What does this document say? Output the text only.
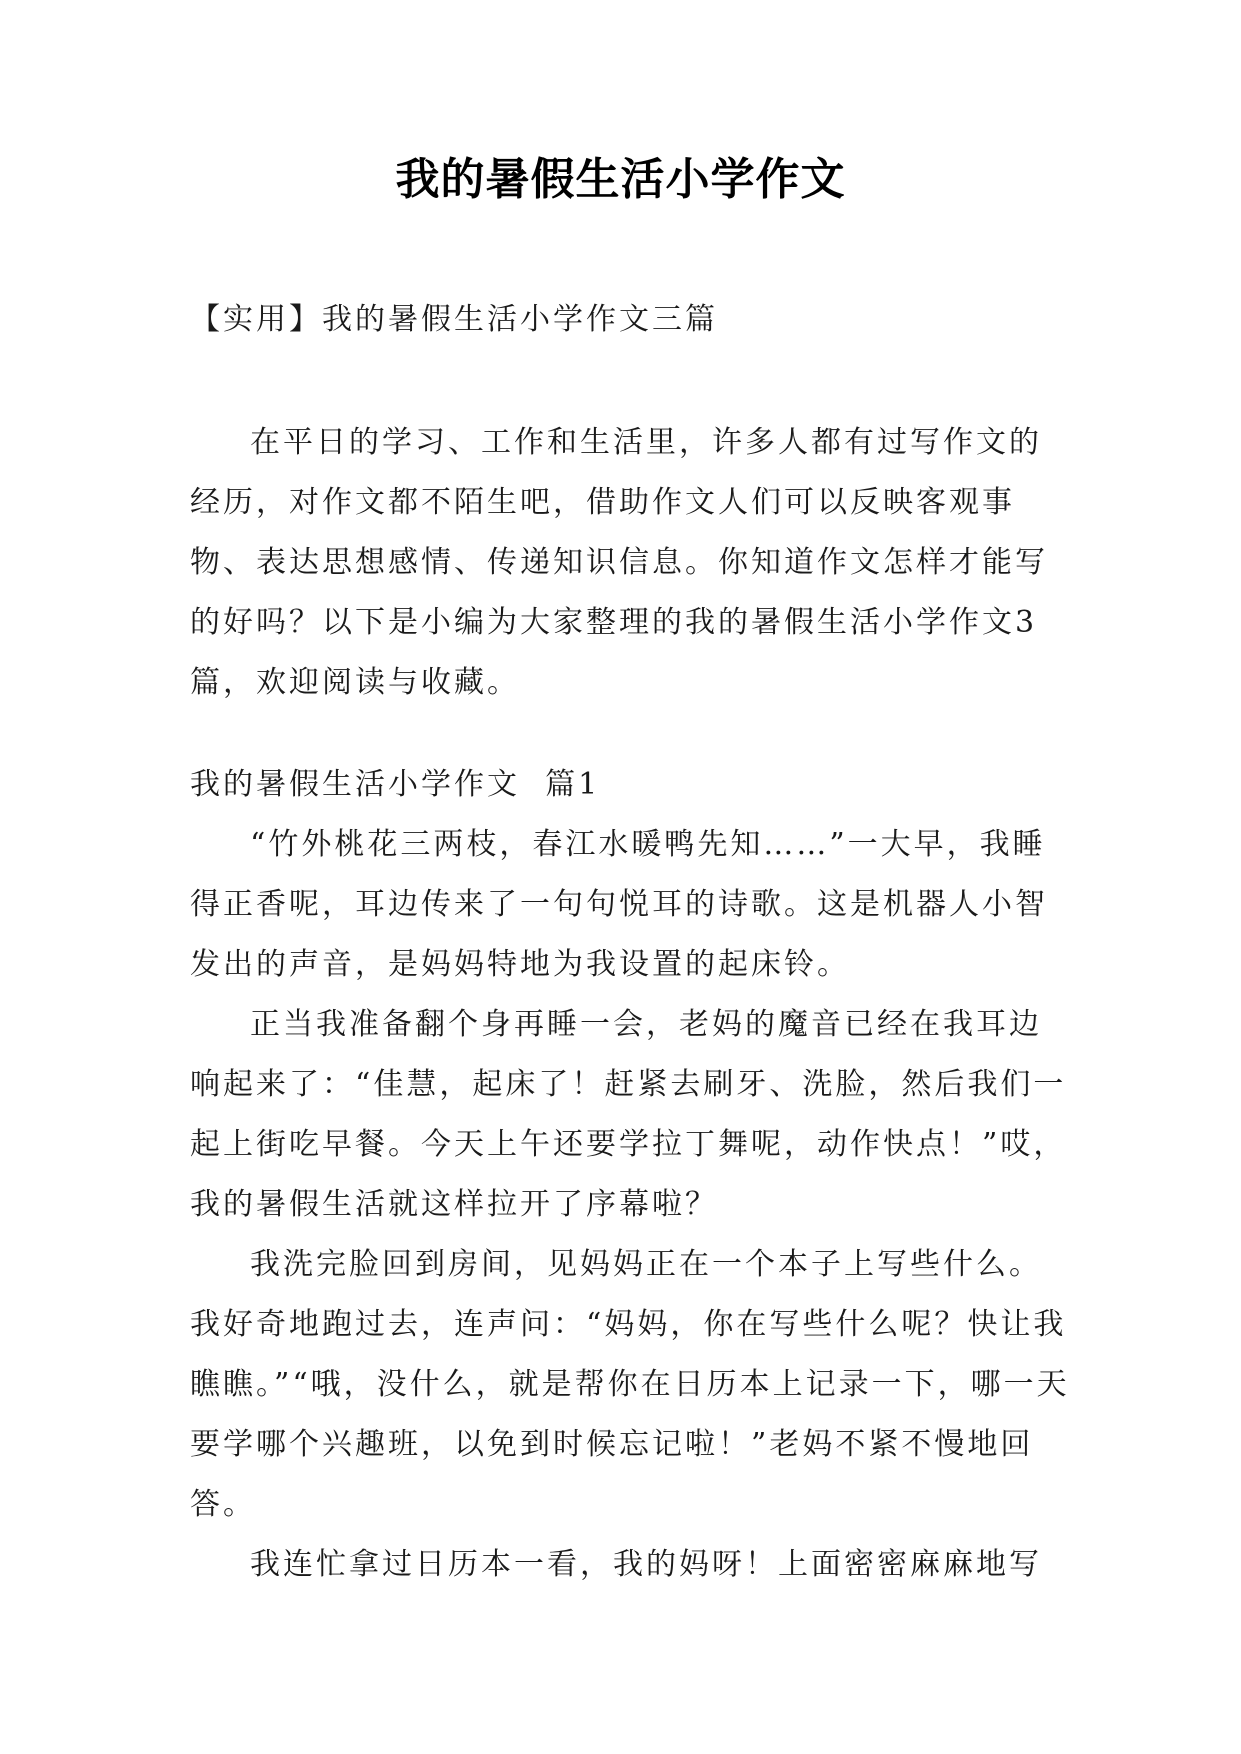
我的暑假生活小学作文

【实用】我的暑假生活小学作文三篇

在平日的学习、工作和生活里，许多人都有过写作文的经历，对作文都不陌生吧，借助作文人们可以反映客观事物、表达思想感情、传递知识信息。你知道作文怎样才能写的好吗？以下是小编为大家整理的我的暑假生活小学作文3篇，欢迎阅读与收藏。

我的暑假生活小学作文  篇1

“竹外桃花三两枝，春江水暖鸭先知……”一大早，我睡得正香呢，耳边传来了一句句悦耳的诗歌。这是机器人小智发出的声音，是妈妈特地为我设置的起床铃。

正当我准备翻个身再睡一会，老妈的魔音已经在我耳边响起来了：“佳慧，起床了！赶紧去刷牙、洗脸，然后我们一起上街吃早餐。今天上午还要学拉丁舞呢，动作快点！”哎，我的暑假生活就这样拉开了序幕啦？

我洗完脸回到房间，见妈妈正在一个本子上写些什么。我好奇地跑过去，连声问：“妈妈，你在写些什么呢？快让我瞧瞧。”“哦，没什么，就是帮你在日历本上记录一下，哪一天要学哪个兴趣班，以免到时候忘记啦！”老妈不紧不慢地回答。

我连忙拿过日历本一看，我的妈呀！上面密密麻麻地写
